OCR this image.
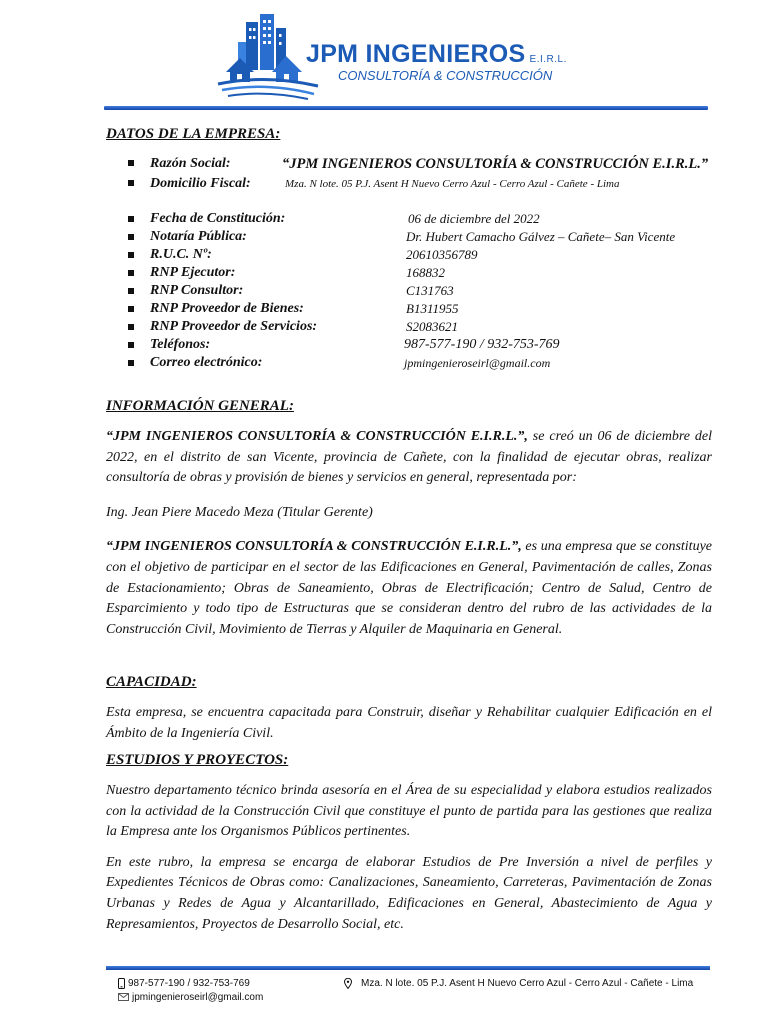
JPM INGENIEROS E.I.R.L.
CONSULTORÍA & CONSTRUCCIÓN

DATOS DE LA EMPRESA:

Razón Social:	“JPM INGENIEROS CONSULTORÍA & CONSTRUCCIÓN E.I.R.L.”
Domicilio Fiscal:	Mza. N lote. 05 P.J. Asent H Nuevo Cerro Azul - Cerro Azul - Cañete - Lima
Fecha de Constitución:	06 de diciembre del 2022
Notaría Pública:	Dr. Hubert Camacho Gálvez – Cañete– San Vicente
R.U.C. Nº:	20610356789
RNP Ejecutor:	168832
RNP Consultor:	C131763
RNP Proveedor de Bienes:	B1311955
RNP Proveedor de Servicios:	S2083621
Teléfonos:	987-577-190 / 932-753-769
Correo electrónico:	jpmingenieroseirl@gmail.com

INFORMACIÓN GENERAL:

“JPM INGENIEROS CONSULTORÍA & CONSTRUCCIÓN E.I.R.L.”, se creó un 06 de diciembre del 2022, en el distrito de san Vicente, provincia de Cañete, con la finalidad de ejecutar obras, realizar consultoría de obras y provisión de bienes y servicios en general, representada por:

Ing. Jean Piere Macedo Meza (Titular Gerente)

“JPM INGENIEROS CONSULTORÍA & CONSTRUCCIÓN E.I.R.L.”, es una empresa que se constituye con el objetivo de participar en el sector de las Edificaciones en General, Pavimentación de calles, Zonas de Estacionamiento; Obras de Saneamiento, Obras de Electrificación; Centro de Salud, Centro de Esparcimiento y todo tipo de Estructuras que se consideran dentro del rubro de las actividades de la Construcción Civil, Movimiento de Tierras y Alquiler de Maquinaria en General.

CAPACIDAD:

Esta empresa, se encuentra capacitada para Construir, diseñar y Rehabilitar cualquier Edificación en el Ámbito de la Ingeniería Civil.

ESTUDIOS Y PROYECTOS:

Nuestro departamento técnico brinda asesoría en el Área de su especialidad y elabora estudios realizados con la actividad de la Construcción Civil que constituye el punto de partida para las gestiones que realiza la Empresa ante los Organismos Públicos pertinentes.

En este rubro, la empresa se encarga de elaborar Estudios de Pre Inversión a nivel de perfiles y Expedientes Técnicos de Obras como: Canalizaciones, Saneamiento, Carreteras, Pavimentación de Zonas Urbanas y Redes de Agua y Alcantarillado, Edificaciones en General, Abastecimiento de Agua y Represamientos, Proyectos de Desarrollo Social, etc.

987-577-190 / 932-753-769
jpmingenieroseirl@gmail.com
Mza. N lote. 05 P.J. Asent H Nuevo Cerro Azul - Cerro Azul - Cañete - Lima
